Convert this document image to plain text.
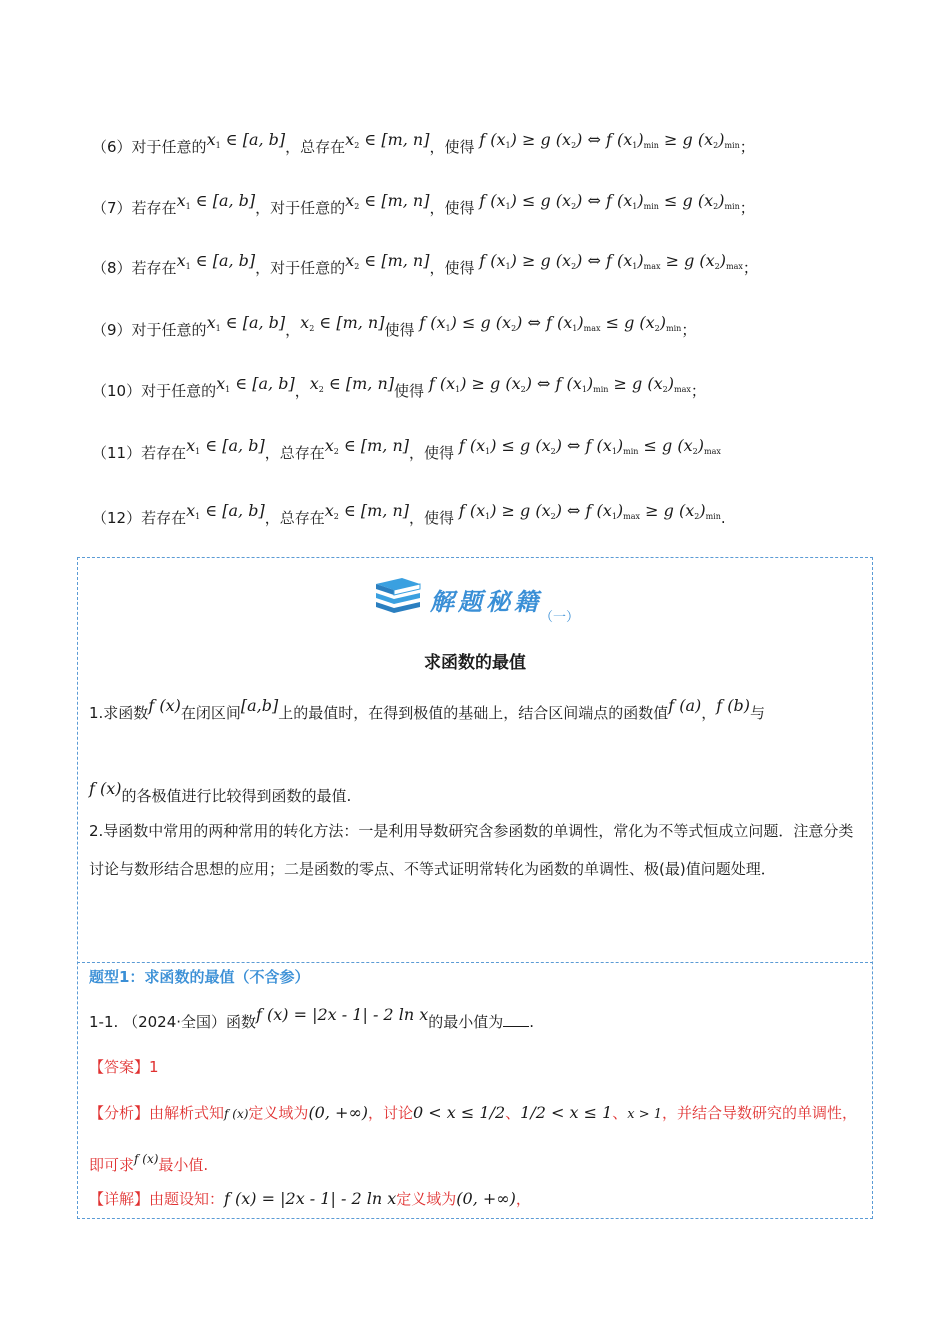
（6）对于任意的$x_1$ ∈ [a, b]，总存在$x_2$ ∈ [m, n]，使得 f $(x_1) \ge g$ $(x_2)$ ⇔ f $(x_1)_{min} \ge g$ $(x_2)_{min}$；
（7）若存在$x_1$ ∈ [a, b]，对于任意的$x_2$ ∈ [m, n]，使得 f $(x_1) \le g$ $(x_2)$ ⇔ f $(x_1)_{min} \le g$ $(x_2)_{min}$；
（8）若存在$x_1$ ∈ [a, b]，对于任意的$x_2$ ∈ [m, n]，使得 f $(x_1) \ge g$ $(x_2)$ ⇔ f $(x_1)_{max} \ge g$ $(x_2)_{max}$；
（9）对于任意的$x_1$ ∈ [a, b]，$x_2$ ∈ [m, n]使得 f $(x_1) \le g$ $(x_2)$ ⇔ f $(x_1)_{max} \le g$ $(x_2)_{min}$；
（10）对于任意的$x_1$ ∈ [a, b]，$x_2$ ∈ [m, n]使得 f $(x_1) \ge g$ $(x_2)$ ⇔ f $(x_1)_{min} \ge g$ $(x_2)_{max}$；
（11）若存在$x_1$ ∈ [a, b]，总存在$x_2$ ∈ [m, n]，使得 f $(x_1) \le g$ $(x_2)$ ⇔ f $(x_1)_{min} \le g$ $(x_2)_{max}$
（12）若存在$x_1$ ∈ [a, b]，总存在$x_2$ ∈ [m, n]，使得 f $(x_1) \ge g$ $(x_2)$ ⇔ f $(x_1)_{max} \ge g$ $(x_2)_{min}$.
解题秘籍
（一）
求函数的最值
1.求函数f (x)在闭区间[a,b]上的最值时，在得到极值的基础上，结合区间端点的函数值f (a)，f (b)与
f (x)的各极值进行比较得到函数的最值.
2.导函数中常用的两种常用的转化方法：一是利用导数研究含参函数的单调性，常化为不等式恒成立问题．注意分类讨论与数形结合思想的应用；二是函数的零点、不等式证明常转化为函数的单调性、极(最)值问题处理．
题型1：求函数的最值（不含参）
1-1. （2024·全国）函数f (x) = |2x - 1| - 2 ln x的最小值为 .
【答案】1
【分析】由解析式知f (x)定义域为(0, +∞)，讨论0 < x ≤ 1/2、1/2 < x ≤ 1、x > 1，并结合导数研究的单调性，
即可求$^{f (x)}$最小值.
【详解】由题设知：f (x) = |2x - 1| - 2 ln x定义域为(0, +∞)，
